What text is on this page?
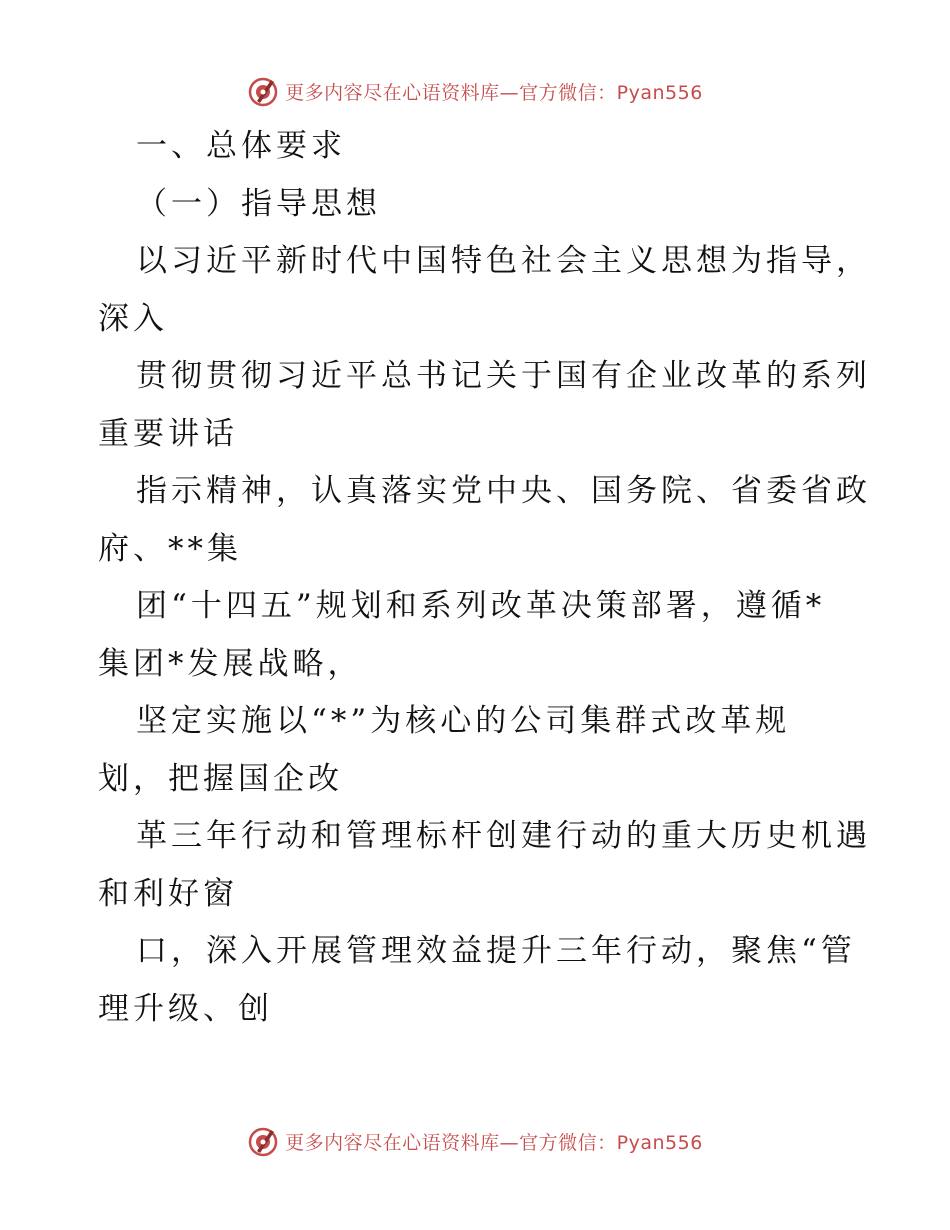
更多内容尽在心语资料库—官方微信：Pyan556
一、总体要求
（一）指导思想
以习近平新时代中国特色社会主义思想为指导，
深入
贯彻贯彻习近平总书记关于国有企业改革的系列
重要讲话
指示精神，认真落实党中央、国务院、省委省政
府、**集
团“十四五”规划和系列改革决策部署，遵循*
集团*发展战略，
坚定实施以“*”为核心的公司集群式改革规
划，把握国企改
革三年行动和管理标杆创建行动的重大历史机遇
和利好窗
口，深入开展管理效益提升三年行动，聚焦“管
理升级、创
更多内容尽在心语资料库—官方微信：Pyan556
